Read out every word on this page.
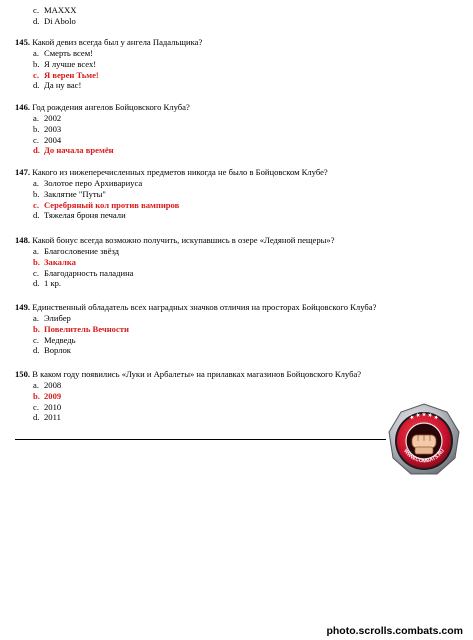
c. MAXXX
d. Di Abolo
145. Какой девиз всегда был у ангела Падальщика?
a. Смерть всем!
b. Я лучше всех!
c. Я верен Тьме!
d. Да ну вас!
146. Год рождения ангелов Бойцовского Клуба?
a. 2002
b. 2003
c. 2004
d. До начала времён
147. Какого из нижеперечисленных предметов никогда не было в Бойцовском Клубе?
a. Золотое перо Архивариуса
b. Заклятие "Путы"
c. Серебряный кол против вампиров
d. Тяжелая броня печали
148. Какой бонус всегда возможно получить, искупавшись в озере «Ледяной пещеры»?
a. Благословение звёзд
b. Закалка
c. Благодарность паладина
d. 1 кр.
149. Единственный обладатель всех наградных значков отличия на просторах Бойцовского Клуба?
a. Элибер
b. Повелитель Вечности
c. Медведь
d. Ворлок
150. В каком году появились «Луки и Арбалеты» на прилавках магазинов Бойцовского Клуба?
a. 2008
b. 2009
c. 2010
d. 2011	★ ★ ★ ★ ★
WWW.COMBATS.RU
photo.scrolls.combats.com
